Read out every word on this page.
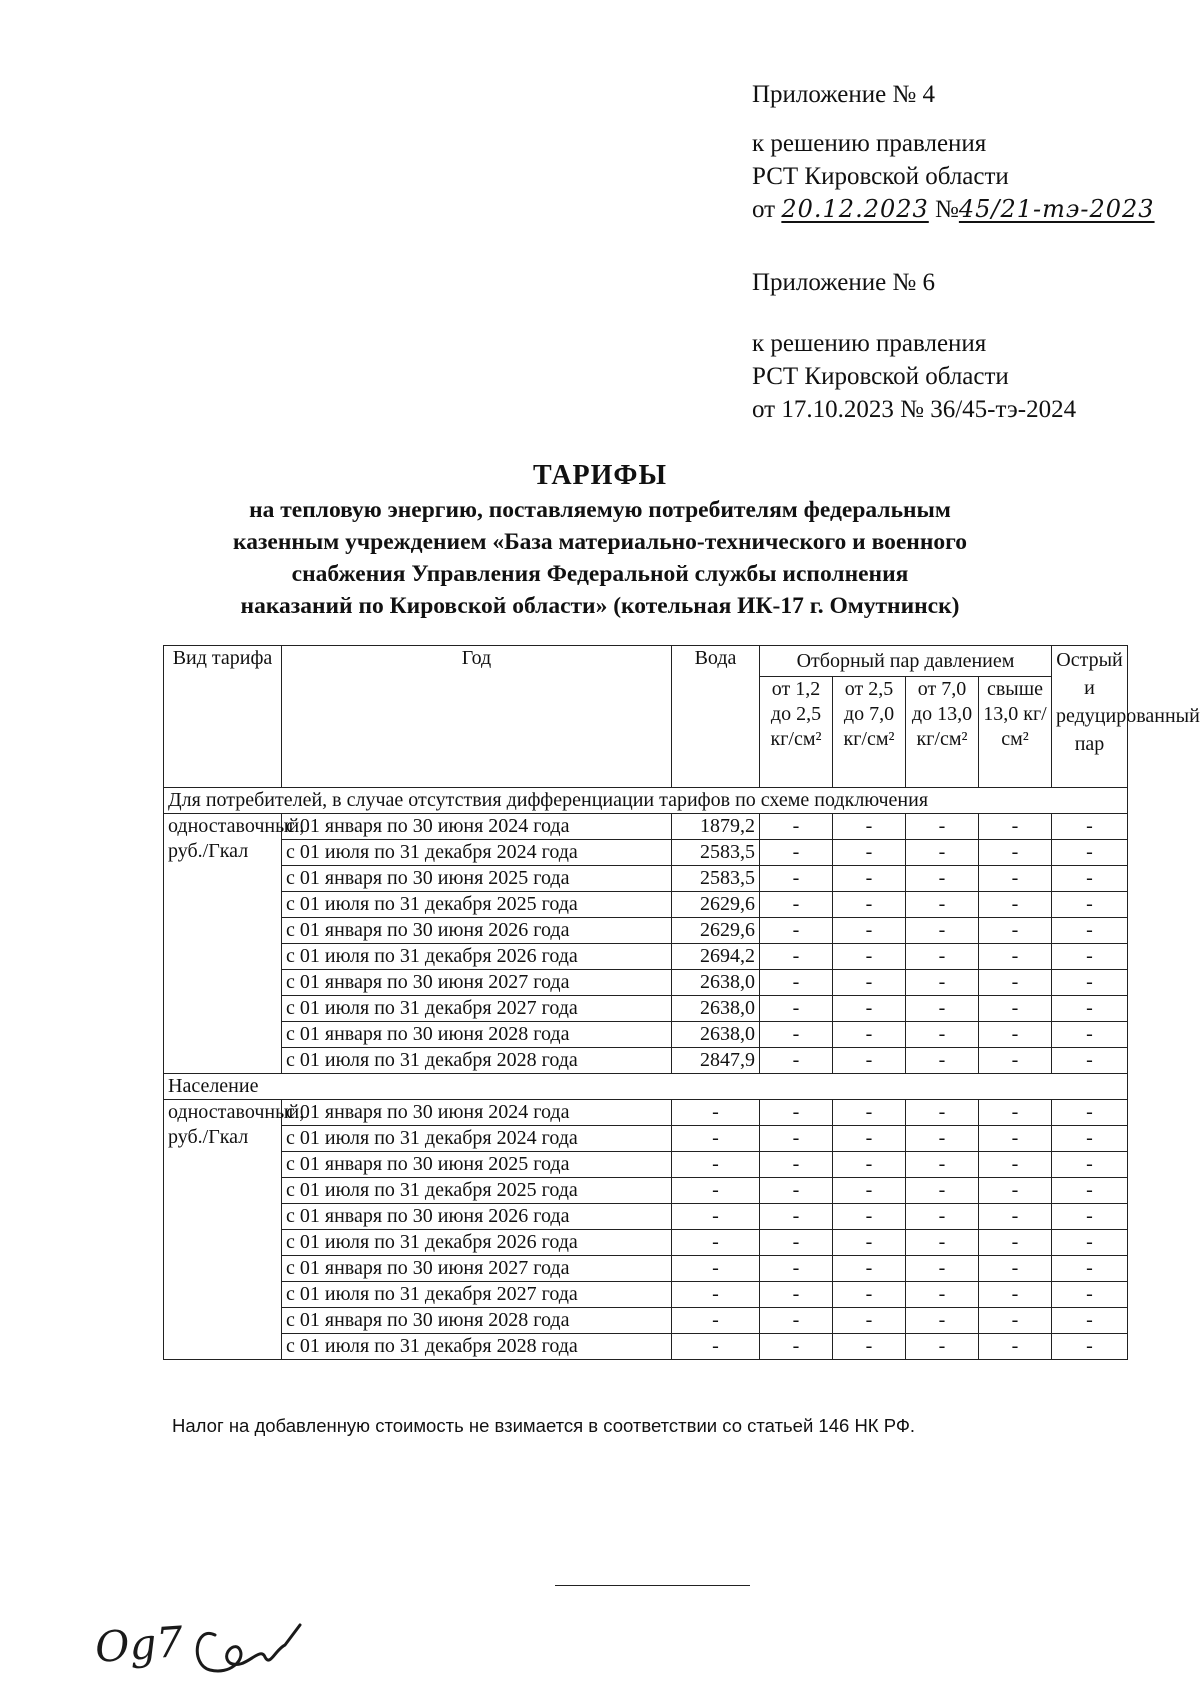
Приложение № 4
к решению правления
РСТ Кировской области
от 20.12.2023 №45/21-тэ-2023
Приложение № 6
к решению правления
РСТ Кировской области
от 17.10.2023 № 36/45-тэ-2024
ТАРИФЫ
на тепловую энергию, поставляемую потребителям федеральным
казенным учреждением «База материально-технического и военного
снабжения Управления Федеральной службы исполнения
наказаний по Кировской области» (котельная ИК-17 г. Омутнинск)
Вид тарифа	Год	Вода	Отборный пар давлением				Острый и редуцированный пар
			от 1,2 до 2,5 кг/см²	от 2,5 до 7,0 кг/см²	от 7,0 до 13,0 кг/см²	свыше 13,0 кг/см²	
Для потребителей, в случае отсутствия дифференциации тарифов по схеме подключения							
одноставочный, руб./Гкал	с 01 января по 30 июня 2024 года	1879,2	-	-	-	-	-
	с 01 июля по 31 декабря 2024 года	2583,5	-	-	-	-	-
	с 01 января по 30 июня 2025 года	2583,5	-	-	-	-	-
	с 01 июля по 31 декабря 2025 года	2629,6	-	-	-	-	-
	с 01 января по 30 июня 2026 года	2629,6	-	-	-	-	-
	с 01 июля по 31 декабря 2026 года	2694,2	-	-	-	-	-
	с 01 января по 30 июня 2027 года	2638,0	-	-	-	-	-
	с 01 июля по 31 декабря 2027 года	2638,0	-	-	-	-	-
	с 01 января по 30 июня 2028 года	2638,0	-	-	-	-	-
	с 01 июля по 31 декабря 2028 года	2847,9	-	-	-	-	-
Население							
одноставочный, руб./Гкал	с 01 января по 30 июня 2024 года	-	-	-	-	-	-
	с 01 июля по 31 декабря 2024 года	-	-	-	-	-	-
	с 01 января по 30 июня 2025 года	-	-	-	-	-	-
	с 01 июля по 31 декабря 2025 года	-	-	-	-	-	-
	с 01 января по 30 июня 2026 года	-	-	-	-	-	-
	с 01 июля по 31 декабря 2026 года	-	-	-	-	-	-
	с 01 января по 30 июня 2027 года	-	-	-	-	-	-
	с 01 июля по 31 декабря 2027 года	-	-	-	-	-	-
	с 01 января по 30 июня 2028 года	-	-	-	-	-	-
	с 01 июля по 31 декабря 2028 года	-	-	-	-	-	-
Налог на добавленную стоимость не взимается в соответствии со статьей 146 НК РФ.
Og7
